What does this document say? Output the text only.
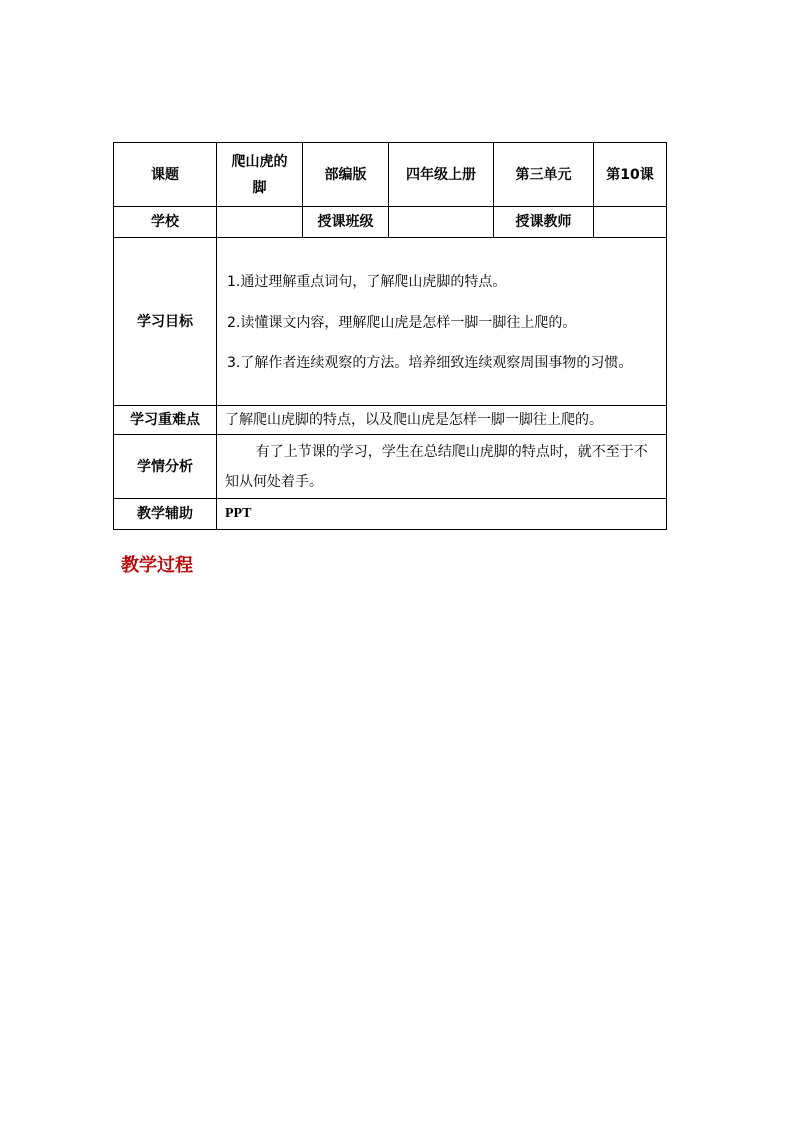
课题	爬山虎的脚	部编版	四年级上册	第三单元	第10课
学校		授课班级		授课教师	
学习目标	1.通过理解重点词句，了解爬山虎脚的特点。

2.读懂课文内容，理解爬山虎是怎样一脚一脚往上爬的。

3.了解作者连续观察的方法。培养细致连续观察周围事物的习惯。				

学习重难点	了解爬山虎脚的特点，以及爬山虎是怎样一脚一脚往上爬的。				
学情分析	有了上节课的学习，学生在总结爬山虎脚的特点时，就不至于不知从何处着手。				

教学辅助	PPT				
教学过程
